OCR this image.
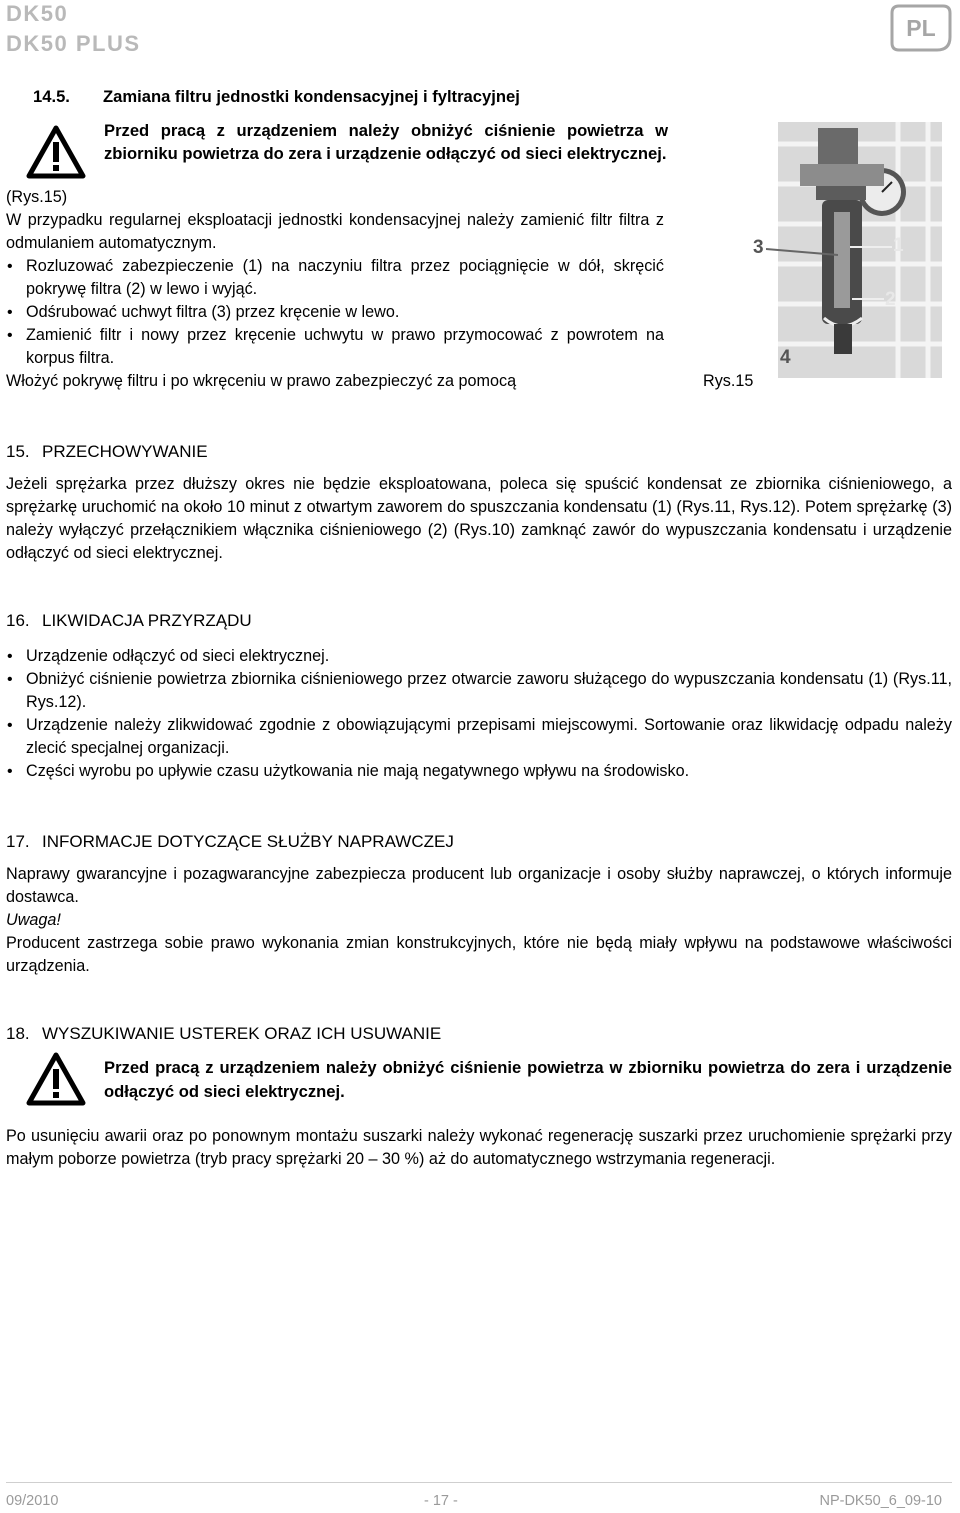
DK50
DK50 PLUS
PL
14.5. Zamiana filtru jednostki kondensacyjnej i fyltracyjnej
Przed pracą z urządzeniem należy obniżyć ciśnienie powietrza w zbiorniku powietrza do zera i urządzenie odłączyć od sieci elektrycznej.
(Rys.15)
W przypadku regularnej eksploatacji jednostki kondensacyjnej należy zamienić filtr filtra z odmulaniem automatycznym.
• Rozluzować zabezpieczenie (1) na naczyniu filtra przez pociągnięcie w dół, skręcić pokrywę filtra (2) w lewo i wyjąć.
• Odśrubować uchwyt filtra (3) przez kręcenie w lewo.
• Zamienić filtr i nowy przez kręcenie uchwytu w prawo przymocować z powrotem na korpus filtra.
Włożyć pokrywę filtru i po wkręceniu w prawo zabezpieczyć za pomocą
3	1
2
4
Rys.15
15. PRZECHOWYWANIE
Jeżeli sprężarka przez dłuższy okres nie będzie eksploatowana, poleca się spuścić kondensat ze zbiornika ciśnieniowego, a sprężarkę uruchomić na około 10 minut z otwartym zaworem do spuszczania kondensatu (1) (Rys.11, Rys.12). Potem sprężarkę (3) należy wyłączyć przełącznikiem włącznika ciśnieniowego (2) (Rys.10) zamknąć zawór do wypuszczania kondensatu i urządzenie odłączyć od sieci elektrycznej.
16. LIKWIDACJA PRZYRZĄDU
• Urządzenie odłączyć od sieci elektrycznej.
• Obniżyć ciśnienie powietrza zbiornika ciśnieniowego przez otwarcie zaworu służącego do wypuszczania kondensatu (1) (Rys.11, Rys.12).
• Urządzenie należy zlikwidować zgodnie z obowiązującymi przepisami miejscowymi. Sortowanie oraz likwidację odpadu należy zlecić specjalnej organizacji.
• Części wyrobu po upływie czasu użytkowania nie mają negatywnego wpływu na środowisko.
17. INFORMACJE DOTYCZĄCE SŁUŻBY NAPRAWCZEJ
Naprawy gwarancyjne i pozagwarancyjne zabezpiecza producent lub organizacje i osoby służby naprawczej, o których informuje dostawca.
Uwaga!
Producent zastrzega sobie prawo wykonania zmian konstrukcyjnych, które nie będą miały wpływu na podstawowe właściwości urządzenia.
18. WYSZUKIWANIE USTEREK ORAZ ICH USUWANIE
Przed pracą z urządzeniem należy obniżyć ciśnienie powietrza w zbiorniku powietrza do zera i urządzenie odłączyć od sieci elektrycznej.
Po usunięciu awarii oraz po ponownym montażu suszarki należy wykonać regenerację suszarki przez uruchomienie sprężarki przy małym poborze powietrza (tryb pracy sprężarki 20 – 30 %) aż do automatycznego wstrzymania regeneracji.
09/2010	- 17 -	NP-DK50_6_09-10
